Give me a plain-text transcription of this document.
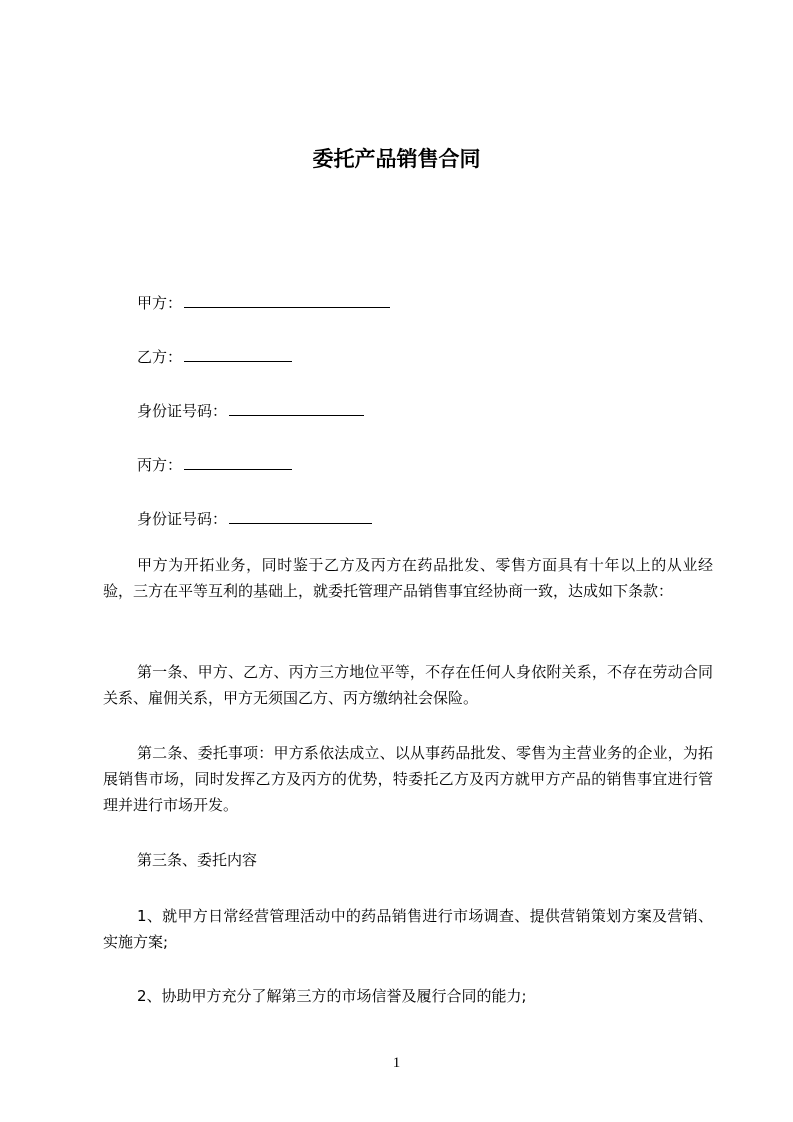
委托产品销售合同
甲方：
乙方：
身份证号码：
丙方：
身份证号码：
甲方为开拓业务，同时鉴于乙方及丙方在药品批发、零售方面具有十年以上的从业经验，三方在平等互利的基础上，就委托管理产品销售事宜经协商一致，达成如下条款：
第一条、甲方、乙方、丙方三方地位平等，不存在任何人身依附关系，不存在劳动合同关系、雇佣关系，甲方无须国乙方、丙方缴纳社会保险。
第二条、委托事项：甲方系依法成立、以从事药品批发、零售为主营业务的企业，为拓展销售市场，同时发挥乙方及丙方的优势，特委托乙方及丙方就甲方产品的销售事宜进行管理并进行市场开发。
第三条、委托内容
1、就甲方日常经营管理活动中的药品销售进行市场调查、提供营销策划方案及营销、实施方案;
2、协助甲方充分了解第三方的市场信誉及履行合同的能力;
1
